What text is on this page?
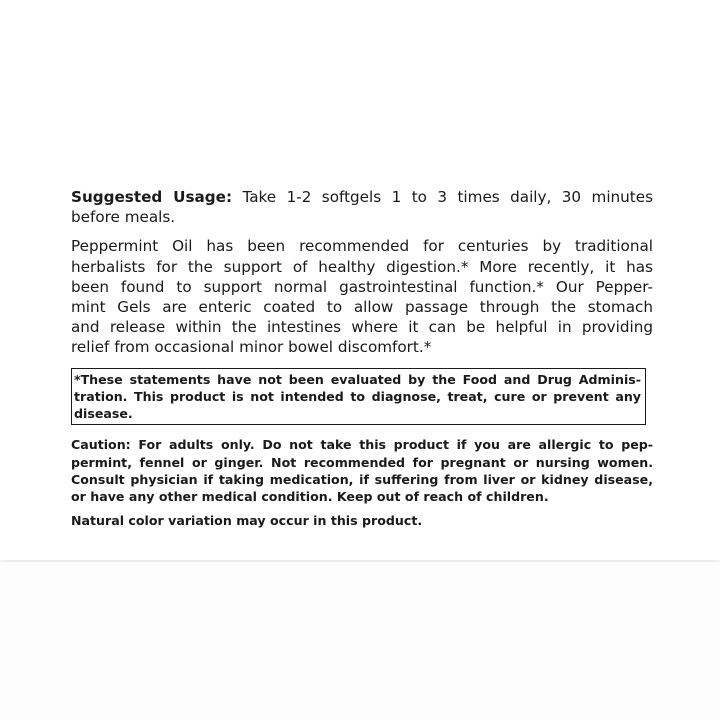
Suggested Usage: Take 1-2 softgels 1 to 3 times daily, 30 minutes
before meals.
Peppermint Oil has been recommended for centuries by traditional
herbalists for the support of healthy digestion.* More recently, it has
been found to support normal gastrointestinal function.* Our Pepper-
mint Gels are enteric coated to allow passage through the stomach
and release within the intestines where it can be helpful in providing
relief from occasional minor bowel discomfort.*
*These statements have not been evaluated by the Food and Drug Adminis-
tration. This product is not intended to diagnose, treat, cure or prevent any
disease.
Caution: For adults only. Do not take this product if you are allergic to pep-
permint, fennel or ginger. Not recommended for pregnant or nursing women.
Consult physician if taking medication, if suffering from liver or kidney disease,
or have any other medical condition. Keep out of reach of children.
Natural color variation may occur in this product.
